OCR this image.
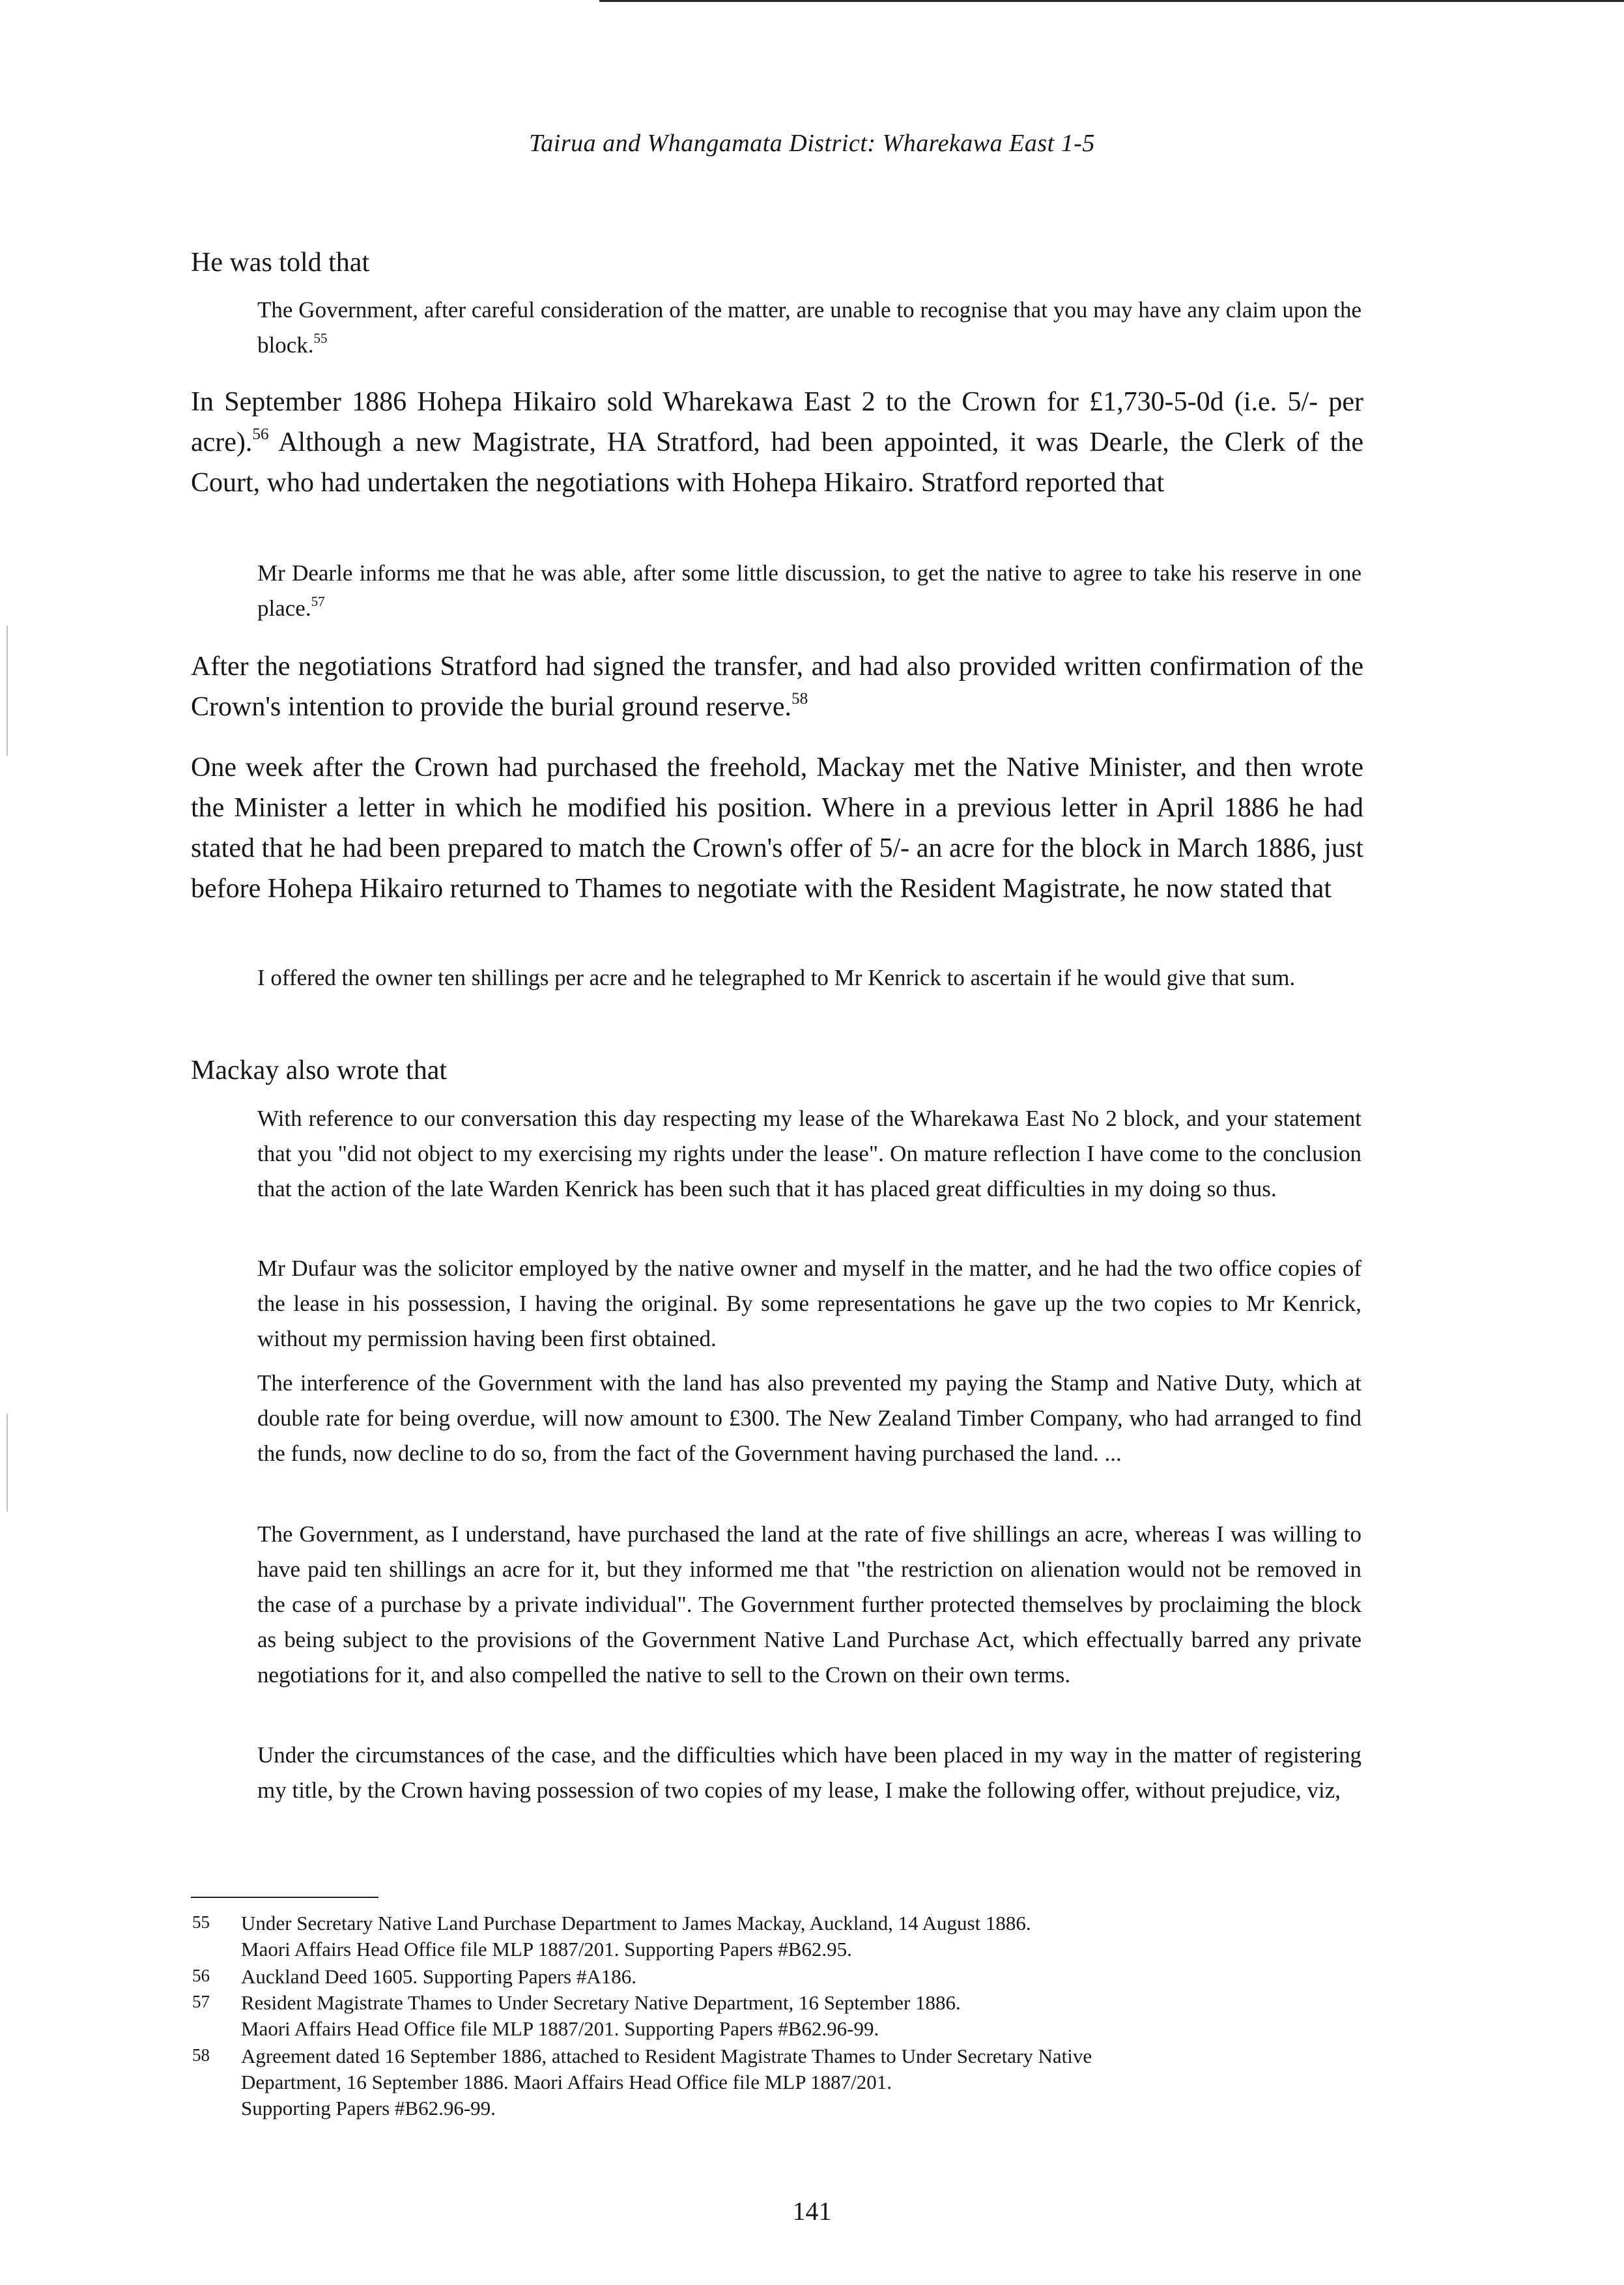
Tairua and Whangamata District: Wharekawa East 1-5

He was told that

The Government, after careful consideration of the matter, are unable to recognise that you may have any claim upon the block.$^{55}$

In September 1886 Hohepa Hikairo sold Wharekawa East 2 to the Crown for £1,730-5-0d (i.e. 5/- per acre).$^{56}$ Although a new Magistrate, HA Stratford, had been appointed, it was Dearle, the Clerk of the Court, who had undertaken the negotiations with Hohepa Hikairo. Stratford reported that

Mr Dearle informs me that he was able, after some little discussion, to get the native to agree to take his reserve in one place.$^{57}$

After the negotiations Stratford had signed the transfer, and had also provided written confirmation of the Crown's intention to provide the burial ground reserve.$^{58}$

One week after the Crown had purchased the freehold, Mackay met the Native Minister, and then wrote the Minister a letter in which he modified his position. Where in a previous letter in April 1886 he had stated that he had been prepared to match the Crown's offer of 5/- an acre for the block in March 1886, just before Hohepa Hikairo returned to Thames to negotiate with the Resident Magistrate, he now stated that

I offered the owner ten shillings per acre and he telegraphed to Mr Kenrick to ascertain if he would give that sum.

Mackay also wrote that

With reference to our conversation this day respecting my lease of the Wharekawa East No 2 block, and your statement that you "did not object to my exercising my rights under the lease". On mature reflection I have come to the conclusion that the action of the late Warden Kenrick has been such that it has placed great difficulties in my doing so thus.

Mr Dufaur was the solicitor employed by the native owner and myself in the matter, and he had the two office copies of the lease in his possession, I having the original. By some representations he gave up the two copies to Mr Kenrick, without my permission having been first obtained.

The interference of the Government with the land has also prevented my paying the Stamp and Native Duty, which at double rate for being overdue, will now amount to £300. The New Zealand Timber Company, who had arranged to find the funds, now decline to do so, from the fact of the Government having purchased the land. ...

The Government, as I understand, have purchased the land at the rate of five shillings an acre, whereas I was willing to have paid ten shillings an acre for it, but they informed me that "the restriction on alienation would not be removed in the case of a purchase by a private individual". The Government further protected themselves by proclaiming the block as being subject to the provisions of the Government Native Land Purchase Act, which effectually barred any private negotiations for it, and also compelled the native to sell to the Crown on their own terms.

Under the circumstances of the case, and the difficulties which have been placed in my way in the matter of registering my title, by the Crown having possession of two copies of my lease, I make the following offer, without prejudice, viz,

55 Under Secretary Native Land Purchase Department to James Mackay, Auckland, 14 August 1886.
Maori Affairs Head Office file MLP 1887/201. Supporting Papers #B62.95.
56 Auckland Deed 1605. Supporting Papers #A186.
57 Resident Magistrate Thames to Under Secretary Native Department, 16 September 1886.
Maori Affairs Head Office file MLP 1887/201. Supporting Papers #B62.96-99.
58 Agreement dated 16 September 1886, attached to Resident Magistrate Thames to Under Secretary Native
Department, 16 September 1886. Maori Affairs Head Office file MLP 1887/201.
Supporting Papers #B62.96-99.
141
